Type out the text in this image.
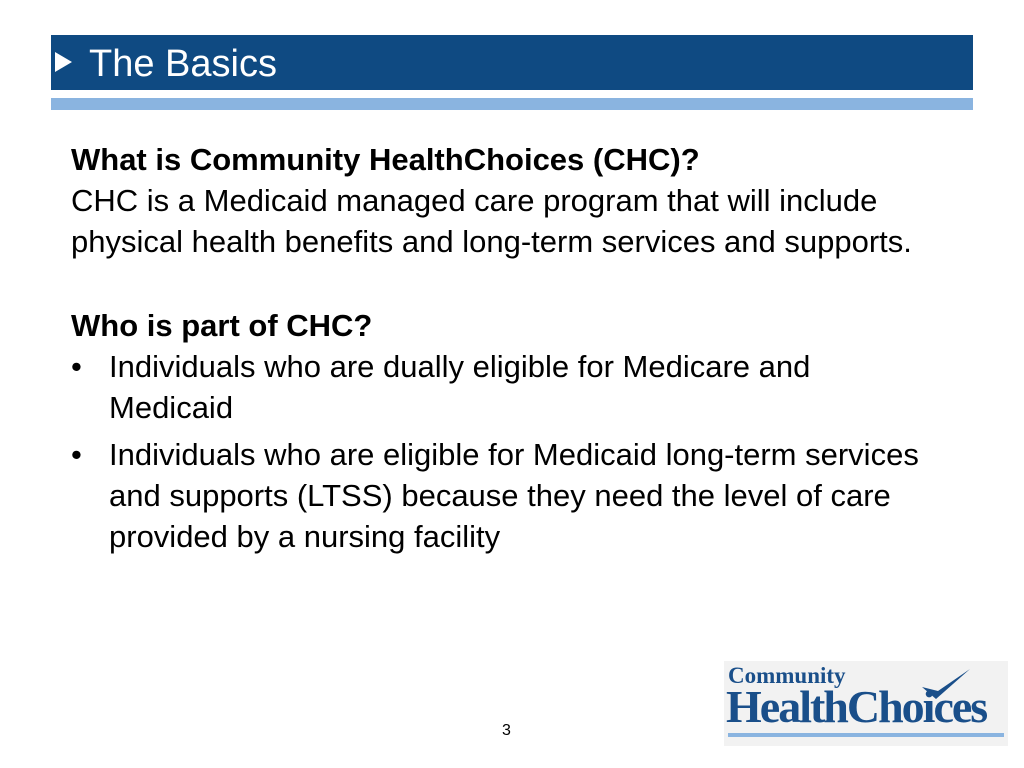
The Basics

What is Community HealthChoices (CHC)?

CHC is a Medicaid managed care program that will include physical health benefits and long-term services and supports.

Who is part of CHC?

• Individuals who are dually eligible for Medicare and Medicaid
• Individuals who are eligible for Medicaid long-term services and supports (LTSS) because they need the level of care provided by a nursing facility
3
Community
HealthChoices
